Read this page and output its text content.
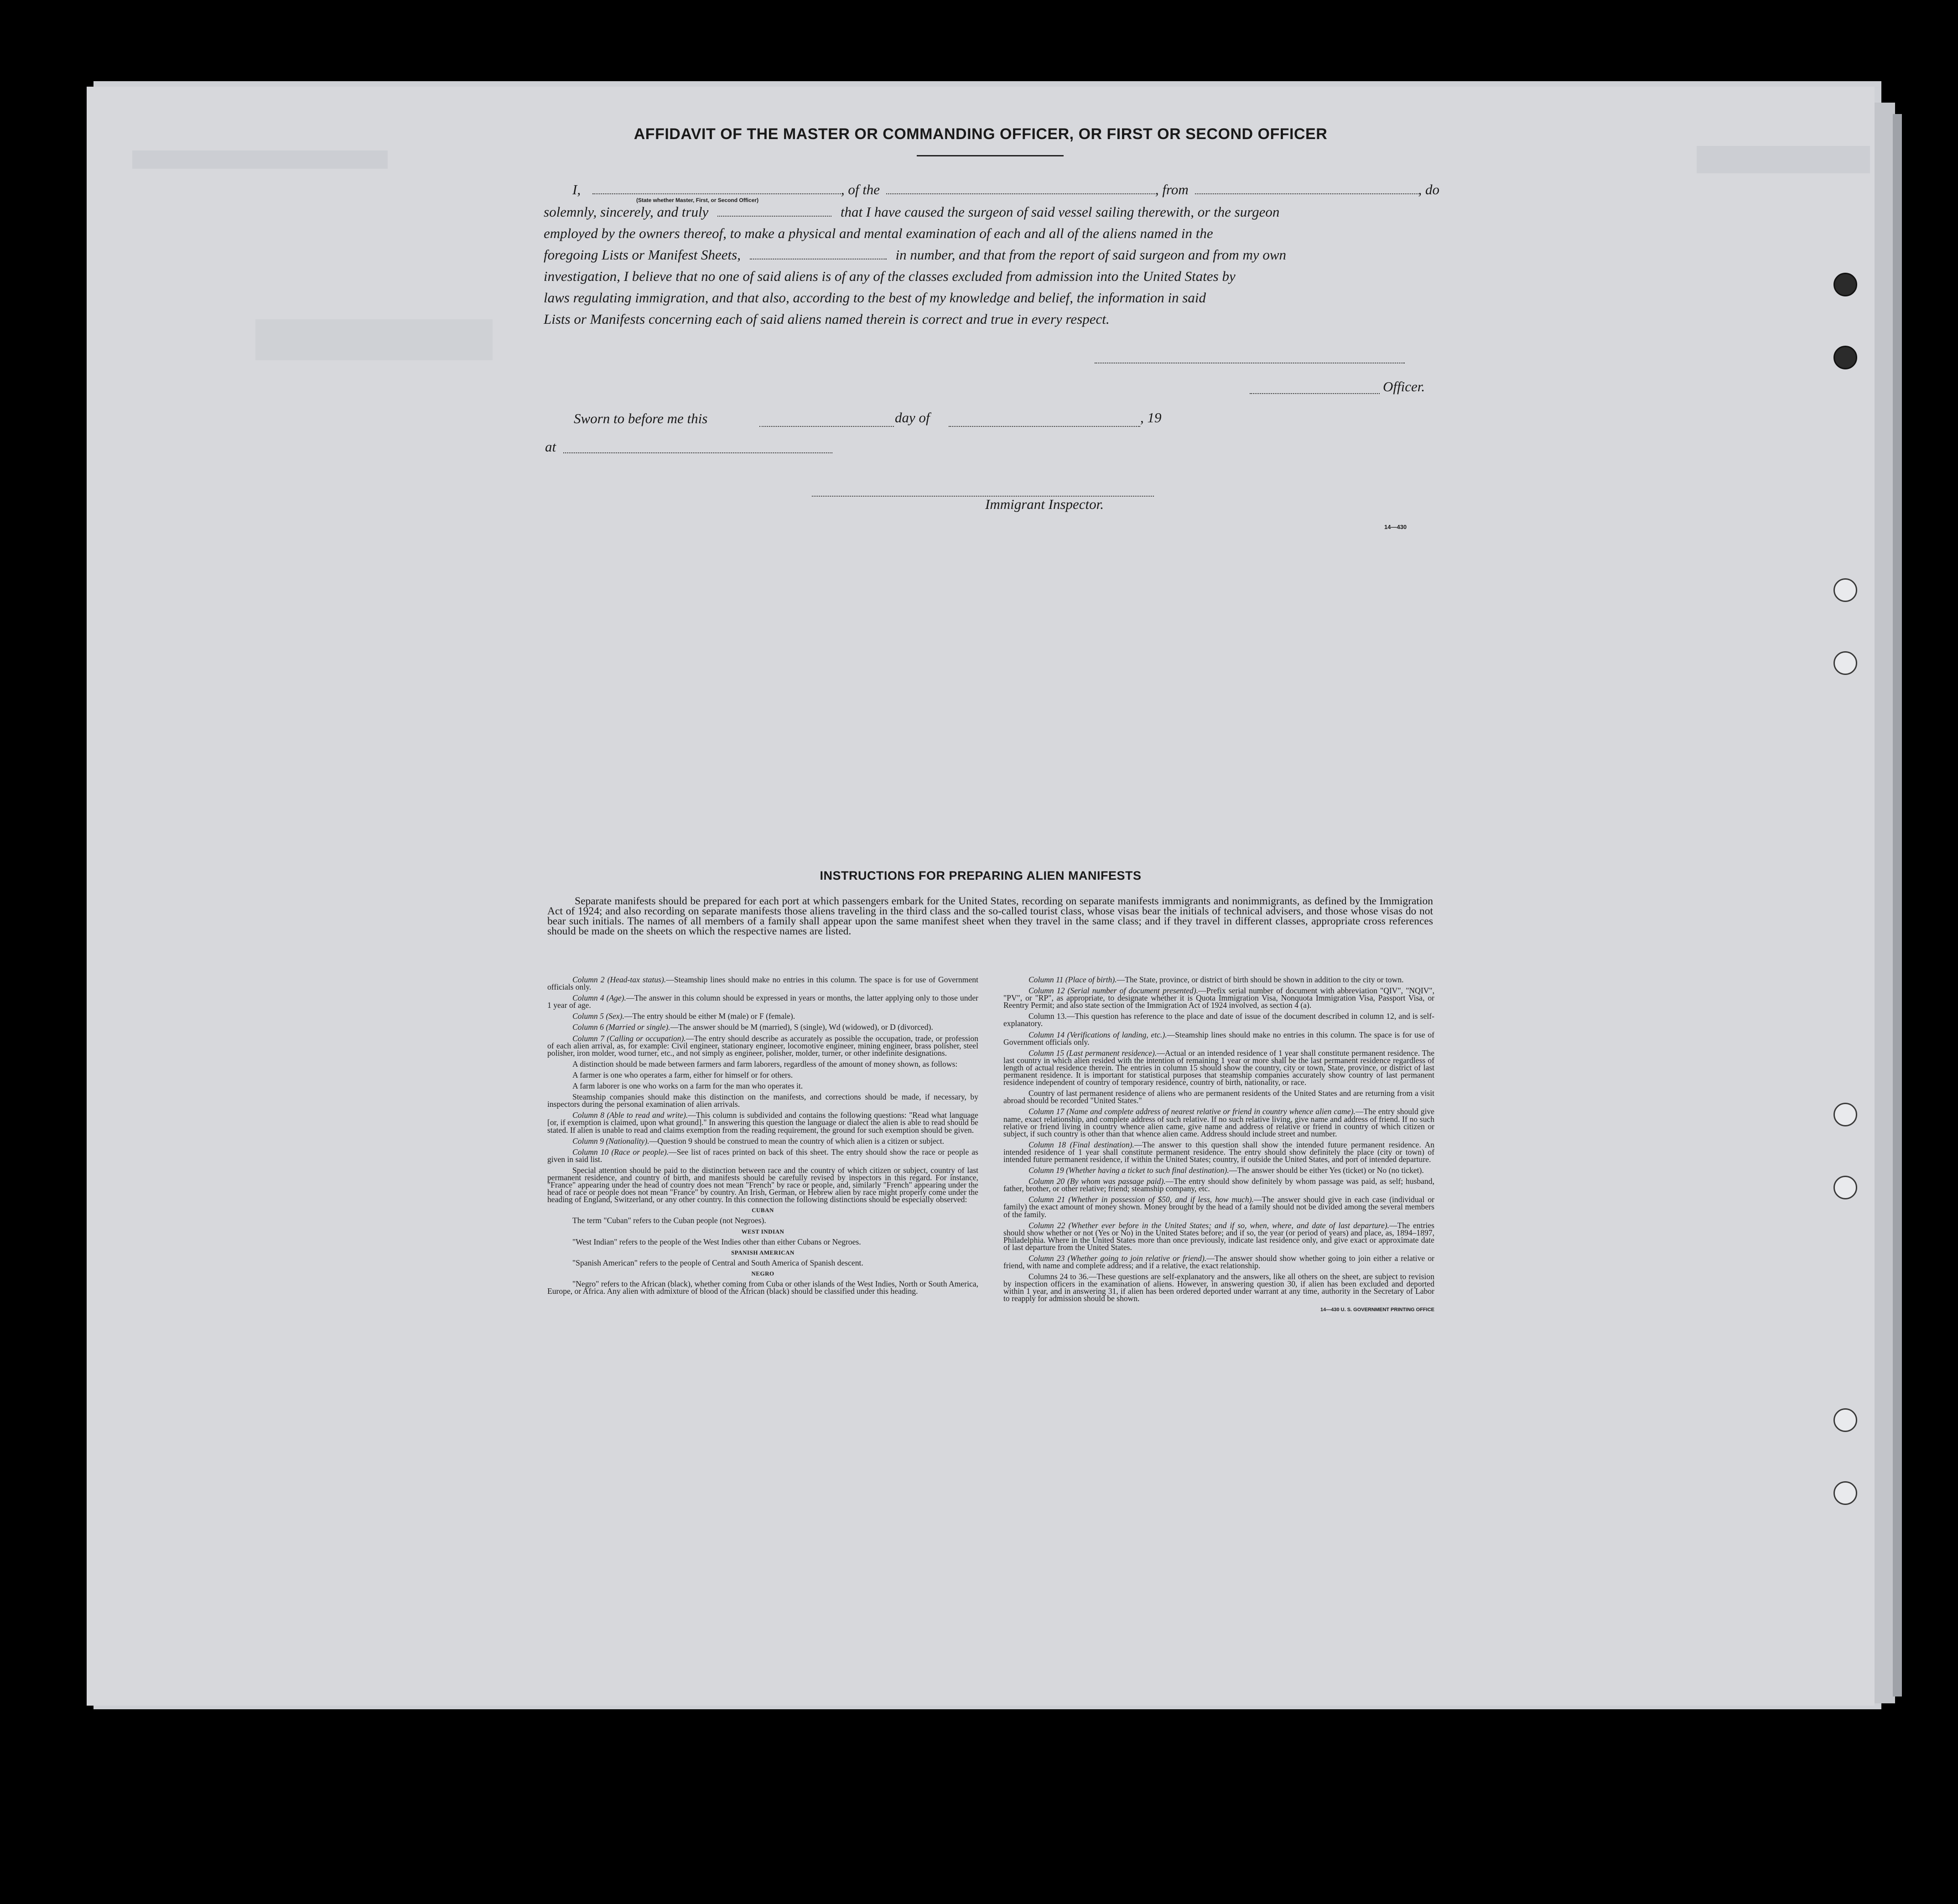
AFFIDAVIT OF THE MASTER OR COMMANDING OFFICER, OR FIRST OR SECOND OFFICER
I,	, of the	, from	, do
(State whether Master, First, or Second Officer)
solemnly, sincerely, and truly	that I have caused the surgeon of said vessel sailing therewith, or the surgeon
employed by the owners thereof, to make a physical and mental examination of each and all of the aliens named in the
foregoing Lists or Manifest Sheets,	in number, and that from the report of said surgeon and from my own
investigation, I believe that no one of said aliens is of any of the classes excluded from admission into the United States by
laws regulating immigration, and that also, according to the best of my knowledge and belief, the information in said
Lists or Manifests concerning each of said aliens named therein is correct and true in every respect.
Officer.
Sworn to before me this	day of	, 19
at
Immigrant Inspector.
14—430
INSTRUCTIONS FOR PREPARING ALIEN MANIFESTS
Separate manifests should be prepared for each port at which passengers embark for the United States, recording on separate manifests immigrants and nonimmigrants, as defined by the Immigration Act of 1924; and also recording on separate manifests those aliens traveling in the third class and the so-called tourist class, whose visas bear the initials of technical advisers, and those whose visas do not bear such initials. The names of all members of a family shall appear upon the same manifest sheet when they travel in the same class; and if they travel in different classes, appropriate cross references should be made on the sheets on which the respective names are listed.

Column 2 (Head-tax status).—Steamship lines should make no entries in this column. The space is for use of Government officials only.

Column 4 (Age).—The answer in this column should be expressed in years or months, the latter applying only to those under 1 year of age.

Column 5 (Sex).—The entry should be either M (male) or F (female).

Column 6 (Married or single).—The answer should be M (married), S (single), Wd (widowed), or D (divorced).

Column 7 (Calling or occupation).—The entry should describe as accurately as possible the occupation, trade, or profession of each alien arrival, as, for example: Civil engineer, stationary engineer, locomotive engineer, mining engineer, brass polisher, steel polisher, iron molder, wood turner, etc., and not simply as engineer, polisher, molder, turner, or other indefinite designations.

A distinction should be made between farmers and farm laborers, regardless of the amount of money shown, as follows:

A farmer is one who operates a farm, either for himself or for others.

A farm laborer is one who works on a farm for the man who operates it.

Steamship companies should make this distinction on the manifests, and corrections should be made, if necessary, by inspectors during the personal examination of alien arrivals.

Column 8 (Able to read and write).—This column is subdivided and contains the following questions: "Read what language [or, if exemption is claimed, upon what ground]." In answering this question the language or dialect the alien is able to read should be stated. If alien is unable to read and claims exemption from the reading requirement, the ground for such exemption should be given.

Column 9 (Nationality).—Question 9 should be construed to mean the country of which alien is a citizen or subject.

Column 10 (Race or people).—See list of races printed on back of this sheet. The entry should show the race or people as given in said list.

Special attention should be paid to the distinction between race and the country of which citizen or subject, country of last permanent residence, and country of birth, and manifests should be carefully revised by inspectors in this regard. For instance, "France" appearing under the head of country does not mean "French" by race or people, and, similarly "French" appearing under the head of race or people does not mean "France" by country. An Irish, German, or Hebrew alien by race might properly come under the heading of England, Switzerland, or any other country. In this connection the following distinctions should be especially observed:

CUBAN

The term "Cuban" refers to the Cuban people (not Negroes).

WEST INDIAN

"West Indian" refers to the people of the West Indies other than either Cubans or Negroes.

SPANISH AMERICAN

"Spanish American" refers to the people of Central and South America of Spanish descent.

NEGRO

"Negro" refers to the African (black), whether coming from Cuba or other islands of the West Indies, North or South America, Europe, or Africa. Any alien with admixture of blood of the African (black) should be classified under this heading.

Column 11 (Place of birth).—The State, province, or district of birth should be shown in addition to the city or town.

Column 12 (Serial number of document presented).—Prefix serial number of document with abbreviation "QIV", "NQIV", "PV", or "RP", as appropriate, to designate whether it is Quota Immigration Visa, Nonquota Immigration Visa, Passport Visa, or Reentry Permit; and also state section of the Immigration Act of 1924 involved, as section 4 (a).

Column 13.—This question has reference to the place and date of issue of the document described in column 12, and is self-explanatory.

Column 14 (Verifications of landing, etc.).—Steamship lines should make no entries in this column. The space is for use of Government officials only.

Column 15 (Last permanent residence).—Actual or an intended residence of 1 year shall constitute permanent residence. The last country in which alien resided with the intention of remaining 1 year or more shall be the last permanent residence regardless of length of actual residence therein. The entries in column 15 should show the country, city or town, State, province, or district of last permanent residence. It is important for statistical purposes that steamship companies accurately show country of last permanent residence independent of country of temporary residence, country of birth, nationality, or race.

Country of last permanent residence of aliens who are permanent residents of the United States and are returning from a visit abroad should be recorded "United States."

Column 17 (Name and complete address of nearest relative or friend in country whence alien came).—The entry should give name, exact relationship, and complete address of such relative. If no such relative living, give name and address of friend. If no such relative or friend living in country whence alien came, give name and address of relative or friend in country of which citizen or subject, if such country is other than that whence alien came. Address should include street and number.

Column 18 (Final destination).—The answer to this question shall show the intended future permanent residence. An intended residence of 1 year shall constitute permanent residence. The entry should show definitely the place (city or town) of intended future permanent residence, if within the United States; country, if outside the United States, and port of intended departure.

Column 19 (Whether having a ticket to such final destination).—The answer should be either Yes (ticket) or No (no ticket).

Column 20 (By whom was passage paid).—The entry should show definitely by whom passage was paid, as self; husband, father, brother, or other relative; friend; steamship company, etc.

Column 21 (Whether in possession of $50, and if less, how much).—The answer should give in each case (individual or family) the exact amount of money shown. Money brought by the head of a family should not be divided among the several members of the family.

Column 22 (Whether ever before in the United States; and if so, when, where, and date of last departure).—The entries should show whether or not (Yes or No) in the United States before; and if so, the year (or period of years) and place, as, 1894–1897, Philadelphia. Where in the United States more than once previously, indicate last residence only, and give exact or approximate date of last departure from the United States.

Column 23 (Whether going to join relative or friend).—The answer should show whether going to join either a relative or friend, with name and complete address; and if a relative, the exact relationship.

Columns 24 to 36.—These questions are self-explanatory and the answers, like all others on the sheet, are subject to revision by inspection officers in the examination of aliens. However, in answering question 30, if alien has been excluded and deported within 1 year, and in answering 31, if alien has been ordered deported under warrant at any time, authority in the Secretary of Labor to reapply for admission should be shown.

14—430 U. S. GOVERNMENT PRINTING OFFICE
